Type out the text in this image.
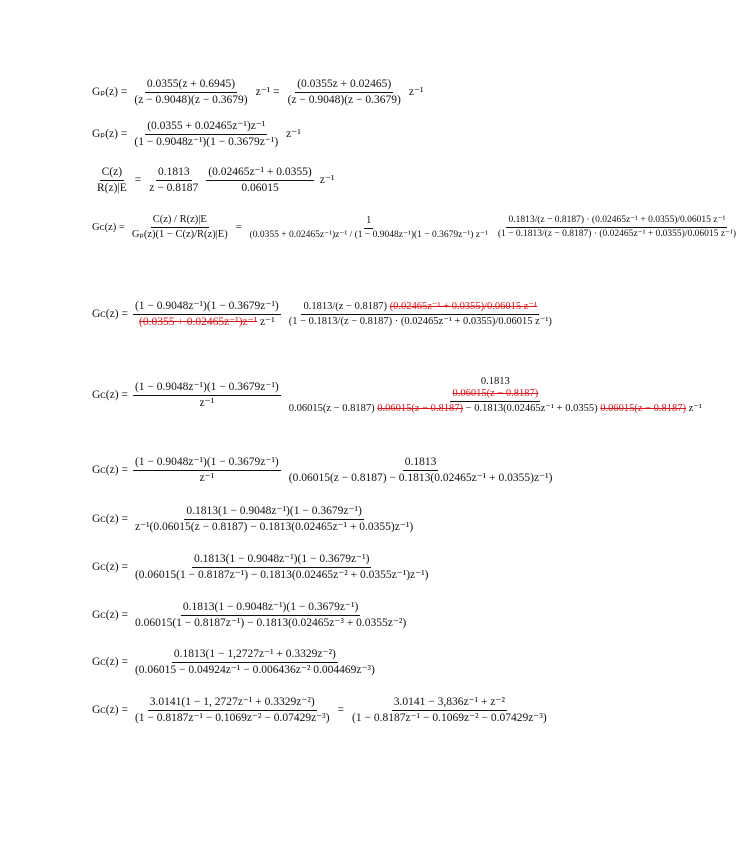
$G_p(z) = \frac{0.0355(z + 0.6945)}{(z - 0.9048)(z - 0.3679)} z^{-1} = \frac{(0.0355z + 0.02465)}{(z - 0.9048)(z - 0.3679)} z^{-1}$
$G_p(z) = \frac{\text{(0.0355 + 0.02465z⁻¹)z⁻¹}}{\text{(1 − 0.9048z⁻¹)(1 − 0.3679z⁻¹)}} z^{-1}$
$\frac{C(z)}{R(z)|E} = \frac{0.1813}{z - 0.8187} \frac{\text{(0.02465z⁻¹ + 0.0355)}}{0.06015} z^{-1}$
Gᴄ(z) = $\frac{C(z) / R(z)|E}{\text{Gₚ(z)(1 − C(z)/R(z)|E)}}$ =
1
(0.0355 + 0.02465z⁻¹)z⁻¹ / (1 − 0.9048z⁻¹)(1 − 0.3679z⁻¹) z⁻¹
0.1813/(z − 0.8187) · (0.02465z⁻¹ + 0.0355)/0.06015 z⁻¹
(1 − 0.1813/(z − 0.8187) · (0.02465z⁻¹ + 0.0355)/0.06015 z⁻¹)
Gᴄ(z) = $\frac{\text{(1 − 0.9048z⁻¹)(1 − 0.3679z⁻¹)}}{\text{(0.0355 + 0.02465z⁻¹)z⁻¹ z⁻¹}} 0.1813/(z - 0.8187) (0.02465z^{-1} + 0.0355)/0.06015$ z⁻¹
(1 − 0.1813/(z − 0.8187) · (0.02465z⁻¹ + 0.0355)/0.06015 z⁻¹)
Gᴄ(z) = $\frac{\text{(1 − 0.9048z⁻¹)(1 − 0.3679z⁻¹)}}{\text{z⁻¹}}$	0.1813
0.06015(z − 0.8187)
0.06015(z − 0.8187) 0.06015(z − 0.8187) − 0.1813(0.02465z⁻¹ + 0.0355) 0.06015(z − 0.8187) z⁻¹
Gᴄ(z) = $\frac{\text{(1 − 0.9048z⁻¹)(1 − 0.3679z⁻¹)}}{\text{z⁻¹}} \frac{0.1813}{\text{(0.06015(z − 0.8187) − 0.1813(0.02465z⁻¹ + 0.0355)z⁻¹)}}$
Gᴄ(z) = $\frac{\text{0.1813(1 − 0.9048z⁻¹)(1 − 0.3679z⁻¹)}}{\text{z⁻¹(0.06015(z − 0.8187) − 0.1813(0.02465z⁻¹ + 0.0355)z⁻¹)}}$
Gᴄ(z) = $\frac{\text{0.1813(1 − 0.9048z⁻¹)(1 − 0.3679z⁻¹)}}{\text{(0.06015(1 − 0.8187z⁻¹) − 0.1813(0.02465z⁻² + 0.0355z⁻¹)z⁻¹)}}$
Gᴄ(z) = $\frac{\text{0.1813(1 − 0.9048z⁻¹)(1 − 0.3679z⁻¹)}}{\text{0.06015(1 − 0.8187z⁻¹) − 0.1813(0.02465z⁻³ + 0.0355z⁻²)}}$
Gᴄ(z) = $\frac{\text{0.1813(1 − 1,2727z⁻¹ + 0.3329z⁻²)}}{\text{(0.06015 − 0.04924z⁻¹ − 0.006436z⁻² 0.004469z⁻³)}}$
Gᴄ(z) = $\frac{\text{3.0141(1 − 1, 2727z⁻¹ + 0.3329z⁻²)}}{\text{(1 − 0.8187z⁻¹ − 0.1069z⁻² − 0.07429z⁻³)}} = \frac{\text{3.0141 − 3,836z⁻¹ + z⁻²}}{\text{(1 − 0.8187z⁻¹ − 0.1069z⁻² − 0.07429z⁻³)}}$
